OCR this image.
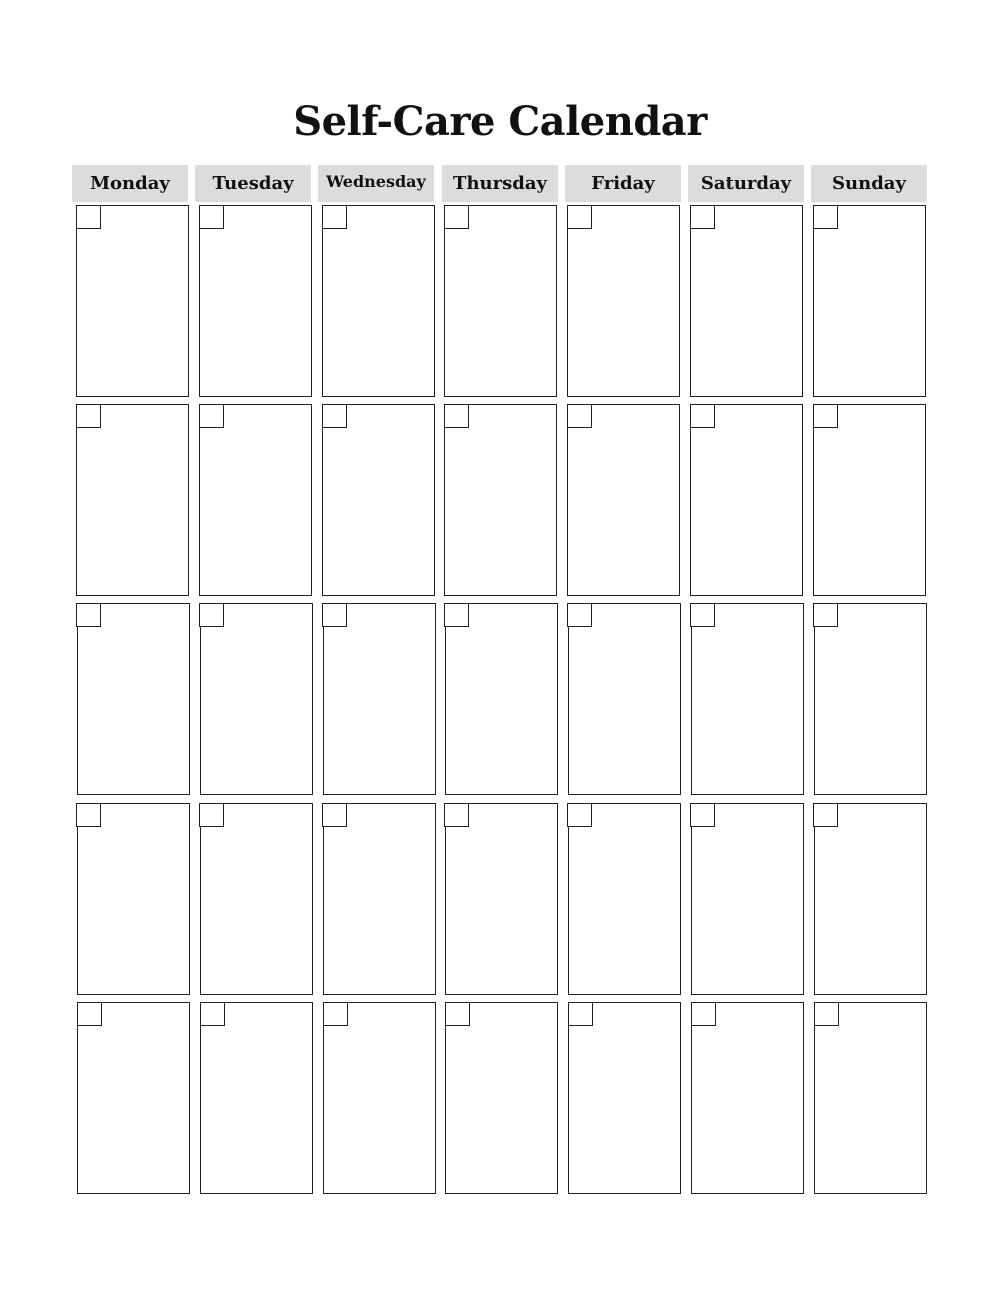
Self-Care Calendar
Monday	Tuesday	Wednesday	Thursday	Friday	Saturday	Sunday
